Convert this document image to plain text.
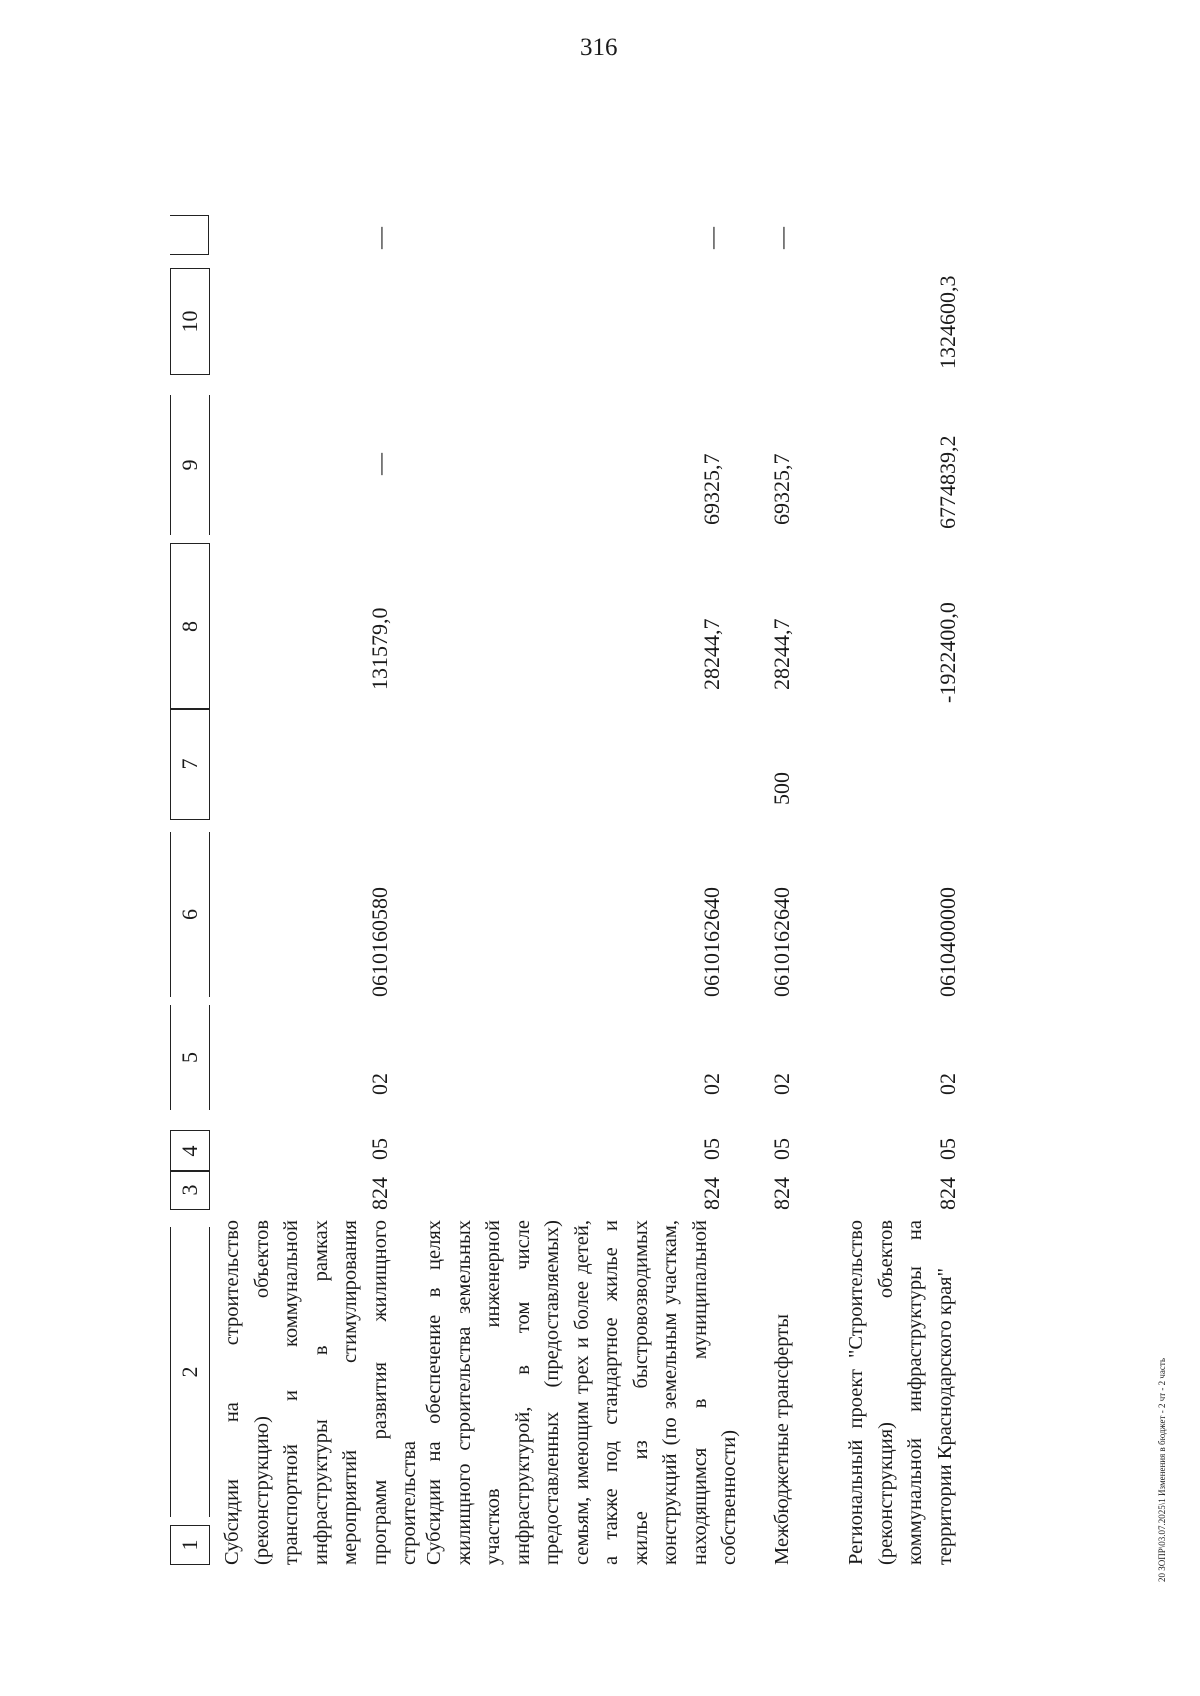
316
20 ЗОПР\03.07.2025\1 Изменения в бюджет - 2 чт - 2 часть
1
2
3
4
5
6
7
8
9
10
Субсидии на строительство (реконструкцию) объектов транспортной и коммунальной инфраструктуры в рамках мероприятий стимулирования программ развития жилищного строительства
824
05
02
0610160580
131579,0
—
—
Субсидии на обеспечение в целях жилищного строительства земельных участков инженерной инфраструктурой, в том числе предоставленных (предоставляемых) семьям, имеющим трех и более детей, а также под стандартное жилье и жилье из быстровозводимых конструкций (по земельным участкам, находящимся в муниципальной собственности)
824
05
02
0610162640
28244,7
69325,7
—
Межбюджетные трансферты
824
05
02
0610162640
500
28244,7
69325,7
—
Региональный проект "Строительство (реконструкция) объектов коммунальной инфраструктуры на территории Краснодарского края"
824
05
02
0610400000
-1922400,0
6774839,2
1324600,3
